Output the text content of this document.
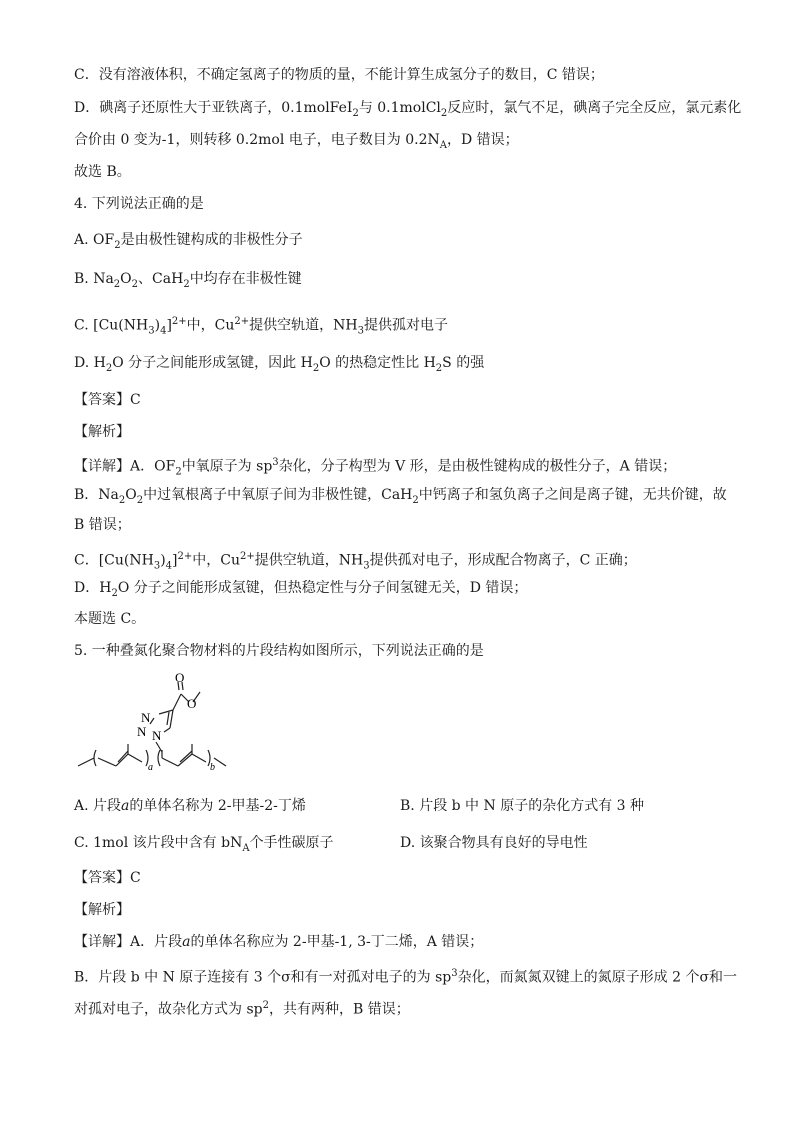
C．没有溶液体积，不确定氢离子的物质的量，不能计算生成氢分子的数目，C 错误；
D．碘离子还原性大于亚铁离子，0.1molFeI$_2$与 0.1molCl$_2$反应时，氯气不足，碘离子完全反应，氯元素化
合价由 0 变为-1，则转移 0.2mol 电子，电子数目为 $0.2N_A$，D 错误；
故选 B。
4. 下列说法正确的是
A. $OF_2$是由极性键构成的非极性分子
B. $Na_2O_2$、CaH$_2$中均存在非极性键
C. $[Cu(NH_3)_4]^{2+}$中，$Cu^{2+}$提供空轨道，$NH_3$提供孤对电子
D. $H_2O$ 分子之间能形成氢键，因此 $H_2O$ 的热稳定性比 $H_2S$ 的强
【答案】C
【解析】
【详解】A．$OF_2$中氧原子为 $sp^3$杂化，分子构型为 V 形，是由极性键构成的极性分子，A 错误；
B．$Na_2O_2$中过氧根离子中氧原子间为非极性键，CaH$_2$中钙离子和氢负离子之间是离子键，无共价键，故
B 错误；
C．$[Cu(NH_3)_4]^{2+}$中，$Cu^{2+}$提供空轨道，$NH_3$提供孤对电子，形成配合物离子，C 正确；
D．$H_2O$ 分子之间能形成氢键，但热稳定性与分子间氢键无关，D 错误；
本题选 C。
5. 一种叠氮化聚合物材料的片段结构如图所示，下列说法正确的是
O
O
N
N N
a	b
A. 片段a的单体名称为 2-甲基-2-丁烯	B. 片段 b 中 N 原子的杂化方式有 3 种
C. 1mol 该片段中含有 $bN_A$个手性碳原子	D. 该聚合物具有良好的导电性
【答案】C
【解析】
【详解】A．片段a的单体名称应为 2-甲基-1, 3-丁二烯，A 错误；
B．片段 b 中 N 原子连接有 3 个σ和有一对孤对电子的为 $sp^3$杂化，而氮氮双键上的氮原子形成 2 个σ和一
对孤对电子，故杂化方式为 $sp^2$，共有两种，B 错误；
